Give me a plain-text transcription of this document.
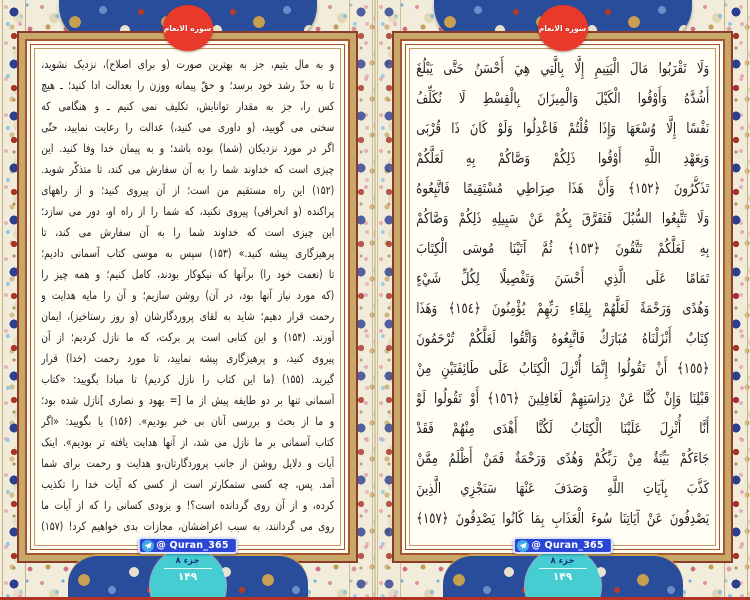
سوره الانعام
و به مال یتیم، جز به بهترین صورت (و برای اصلاح)، نزدیک نشوید،
تا به حدّ رشد خود برسد؛ و حقّ پیمانه ووزن را بعدالت ادا کنید؛ ـ هیچ
کس را، جز به مقدار توانایش، تکلیف نمی کنیم ـ و هنگامی که
سخنی می گویید، (و داوری می کنید،) عدالت را رعایت نمایید، حتّی
اگر در مورد نزدیکان (شما) بوده باشد؛ و به پیمان خدا وفا کنید. این
چیزی است که خداوند شما را به آن سفارش می کند، تا متذکّر شوید.
(۱۵۲) این راه مستقیم من است؛ از آن پیروی کنید؛ و از راههای
پراکنده (و انحرافی) پیروی نکنید، که شما را از راه او، دور می سازد؛
این چیزی است که خداوند شما را به آن سفارش می کند، تا
پرهیزگاری پیشه کنید.» (۱۵۳) سپس به موسی کتاب آسمانی دادیم؛
تا (نعمت خود را) برآنها که نیکوکار بودند، کامل کنیم؛ و همه چیز را
(که مورد نیاز آنها بود، در آن) روشن سازیم؛ و آن را مایه هدایت و
رحمت قرار دهیم؛ شاید به لقای پروردگارشان (و روز رستاخیز)، ایمان
آورند. (۱۵۴) و این کتابی است پر برکت، که ما نازل کردیم؛ از آن
پیروی کنید، و پرهیزگاری پیشه نمایید، تا مورد رحمت (خدا) قرار
گیرید. (۱۵۵) (ما این کتاب را نازل کردیم) تا مبادا بگویید: «کتاب
آسمانی تنها بر دو طایفه پیش از ما [= یهود و نصاری ]نازل شده بود؛
و ما از بحث و بررسی آنان بی خبر بودیم». (۱۵۶) یا بگویید: «اگر
کتاب آسمانی بر ما نازل می شد، از آنها هدایت یافته تر بودیم». اینک
آیات و دلایل روشن از جانب پروردگارتان،و هدایت و رحمت برای شما
آمد. پس، چه کسی ستمکارتر است از کسی که آیات خدا را تکذیب
کرده، و از آن روی گردانده است؟! و بزودی کسانی را که از آیات ما
روی می گردانند، به سبب اعراضشان، مجازات بدی خواهیم کرد! (۱۵۷)
جزء ۸
۱۴۹
@ Quran_365
سوره الانعام
وَلَا تَقْرَبُوا مَالَ الْيَتِيمِ إِلَّا بِالَّتِي هِيَ أَحْسَنُ حَتَّى يَبْلُغَ
أَشُدَّهُ وَأَوْفُوا الْكَيْلَ وَالْمِيزَانَ بِالْقِسْطِ لَا نُكَلِّفُ
نَفْسًا إِلَّا وُسْعَهَا وَإِذَا قُلْتُمْ فَاعْدِلُوا وَلَوْ كَانَ ذَا قُرْبَى
وَبِعَهْدِ اللَّهِ أَوْفُوا ذَلِكُمْ وَصَّاكُمْ بِهِ لَعَلَّكُمْ
تَذَكَّرُونَ ﴿١٥٢﴾ وَأَنَّ هَذَا صِرَاطِي مُسْتَقِيمًا فَاتَّبِعُوهُ
وَلَا تَتَّبِعُوا السُّبُلَ فَتَفَرَّقَ بِكُمْ عَنْ سَبِيلِهِ ذَلِكُمْ وَصَّاكُمْ
بِهِ لَعَلَّكُمْ تَتَّقُونَ ﴿١٥٣﴾ ثُمَّ آتَيْنَا مُوسَى الْكِتَابَ
تَمَامًا عَلَى الَّذِي أَحْسَنَ وَتَفْصِيلًا لِكُلِّ شَيْءٍ
وَهُدًى وَرَحْمَةً لَعَلَّهُمْ بِلِقَاءِ رَبِّهِمْ يُؤْمِنُونَ ﴿١٥٤﴾ وَهَذَا
كِتَابٌ أَنْزَلْنَاهُ مُبَارَكٌ فَاتَّبِعُوهُ وَاتَّقُوا لَعَلَّكُمْ تُرْحَمُونَ
﴿١٥٥﴾ أَنْ تَقُولُوا إِنَّمَا أُنْزِلَ الْكِتَابُ عَلَى طَائِفَتَيْنِ مِنْ
قَبْلِنَا وَإِنْ كُنَّا عَنْ دِرَاسَتِهِمْ لَغَافِلِينَ ﴿١٥٦﴾ أَوْ تَقُولُوا لَوْ
أَنَّا أُنْزِلَ عَلَيْنَا الْكِتَابُ لَكُنَّا أَهْدَى مِنْهُمْ فَقَدْ
جَاءَكُمْ بَيِّنَةٌ مِنْ رَبِّكُمْ وَهُدًى وَرَحْمَةٌ فَمَنْ أَظْلَمُ مِمَّنْ
كَذَّبَ بِآيَاتِ اللَّهِ وَصَدَفَ عَنْهَا سَنَجْزِي الَّذِينَ
يَصْدِفُونَ عَنْ آيَاتِنَا سُوءَ الْعَذَابِ بِمَا كَانُوا يَصْدِفُونَ ﴿١٥٧﴾
جزء ۸
۱۴۹
@ Quran_365
